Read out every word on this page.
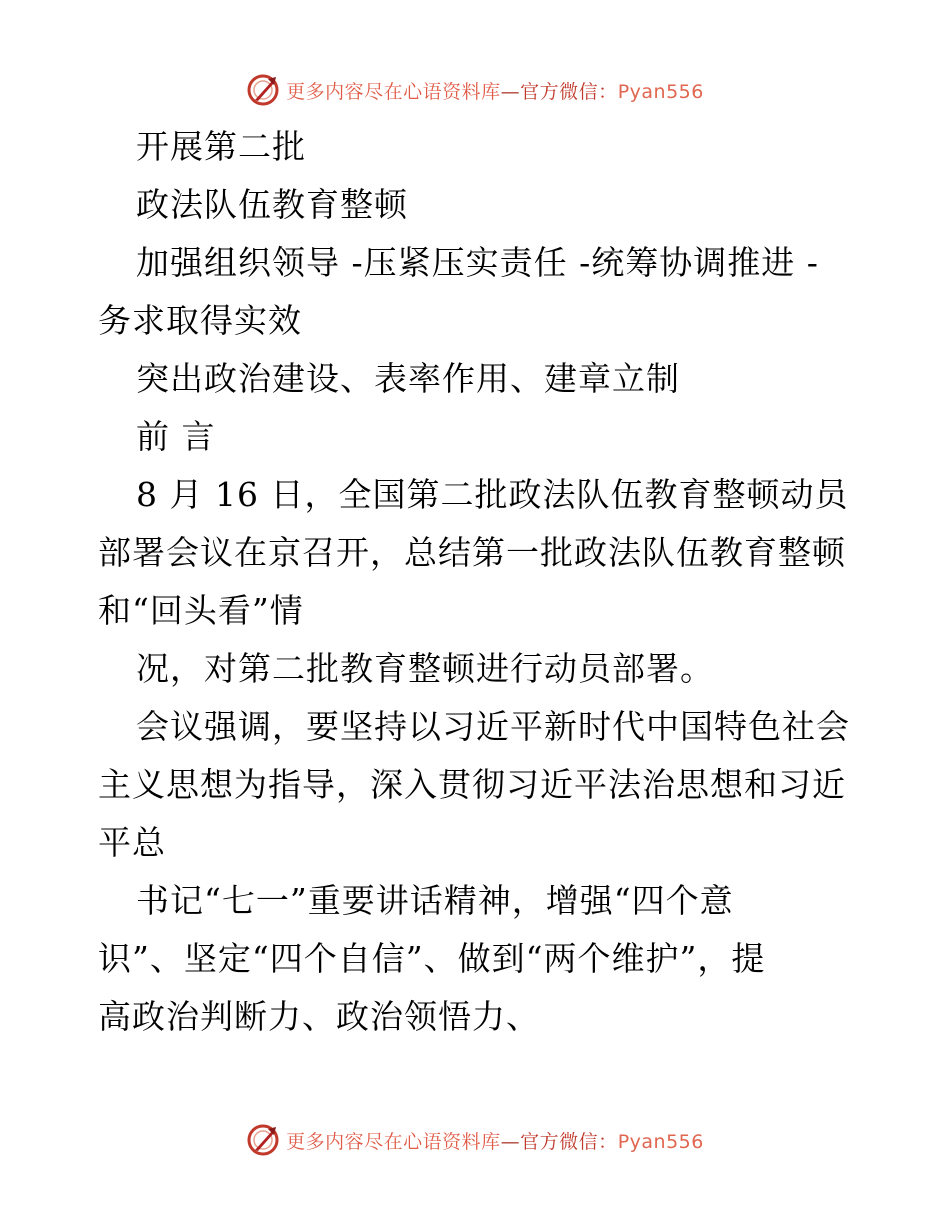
更多内容尽在心语资料库—官方微信：Pyan556
开展第二批
政法队伍教育整顿
加强组织领导 -压紧压实责任 -统筹协调推进 -
务求取得实效
突出政治建设、表率作用、建章立制
前 言
8 月 16 日，全国第二批政法队伍教育整顿动员
部署会议在京召开，总结第一批政法队伍教育整顿
和“回头看”情
况，对第二批教育整顿进行动员部署。
会议强调，要坚持以习近平新时代中国特色社会
主义思想为指导，深入贯彻习近平法治思想和习近
平总
书记“七一”重要讲话精神，增强“四个意
识”、坚定“四个自信”、做到“两个维护”，提
高政治判断力、政治领悟力、
更多内容尽在心语资料库—官方微信：Pyan556
